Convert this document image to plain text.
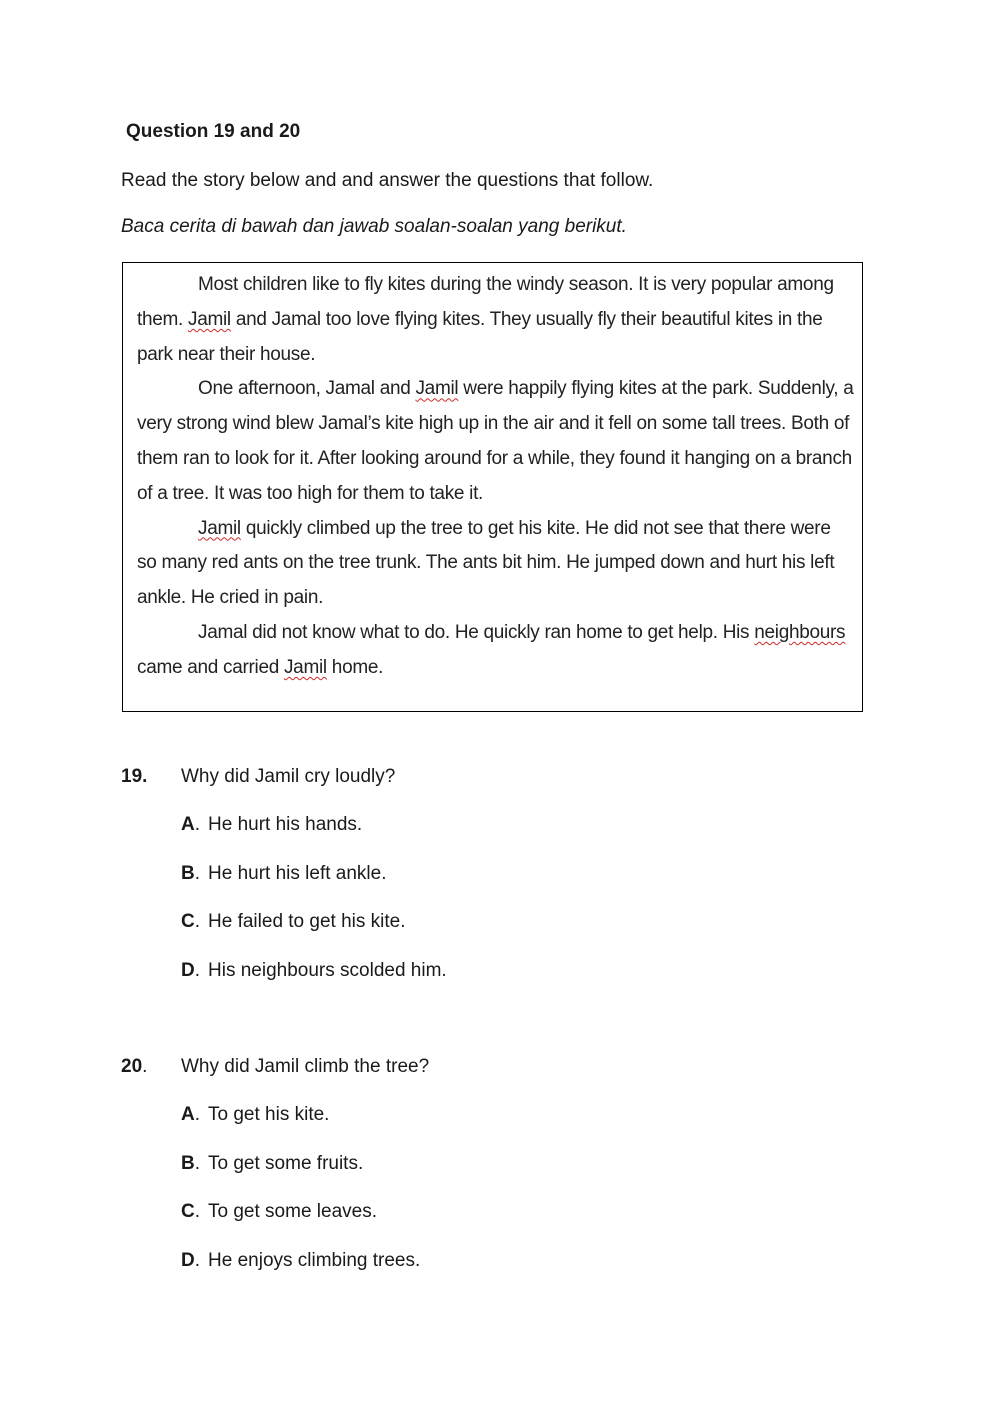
Question 19 and 20

Read the story below and and answer the questions that follow.

Baca cerita di bawah dan jawab soalan-soalan yang berikut.

Most children like to fly kites during the windy season. It is very popular among them. Jamil and Jamal too love flying kites. They usually fly their beautiful kites in the park near their house.

One afternoon, Jamal and Jamil were happily flying kites at the park. Suddenly, a very strong wind blew Jamal’s kite high up in the air and it fell on some tall trees. Both of them ran to look for it. After looking around for a while, they found it hanging on a branch of a tree. It was too high for them to take it.

Jamil quickly climbed up the tree to get his kite. He did not see that there were so many red ants on the tree trunk. The ants bit him. He jumped down and hurt his left ankle. He cried in pain.

Jamal did not know what to do. He quickly ran home to get help. His neighbours came and carried Jamil home.

19. Why did Jamil cry loudly?
A. He hurt his hands.
B. He hurt his left ankle.
C. He failed to get his kite.
D. His neighbours scolded him.
20. Why did Jamil climb the tree?
A. To get his kite.
B. To get some fruits.
C. To get some leaves.
D. He enjoys climbing trees.
